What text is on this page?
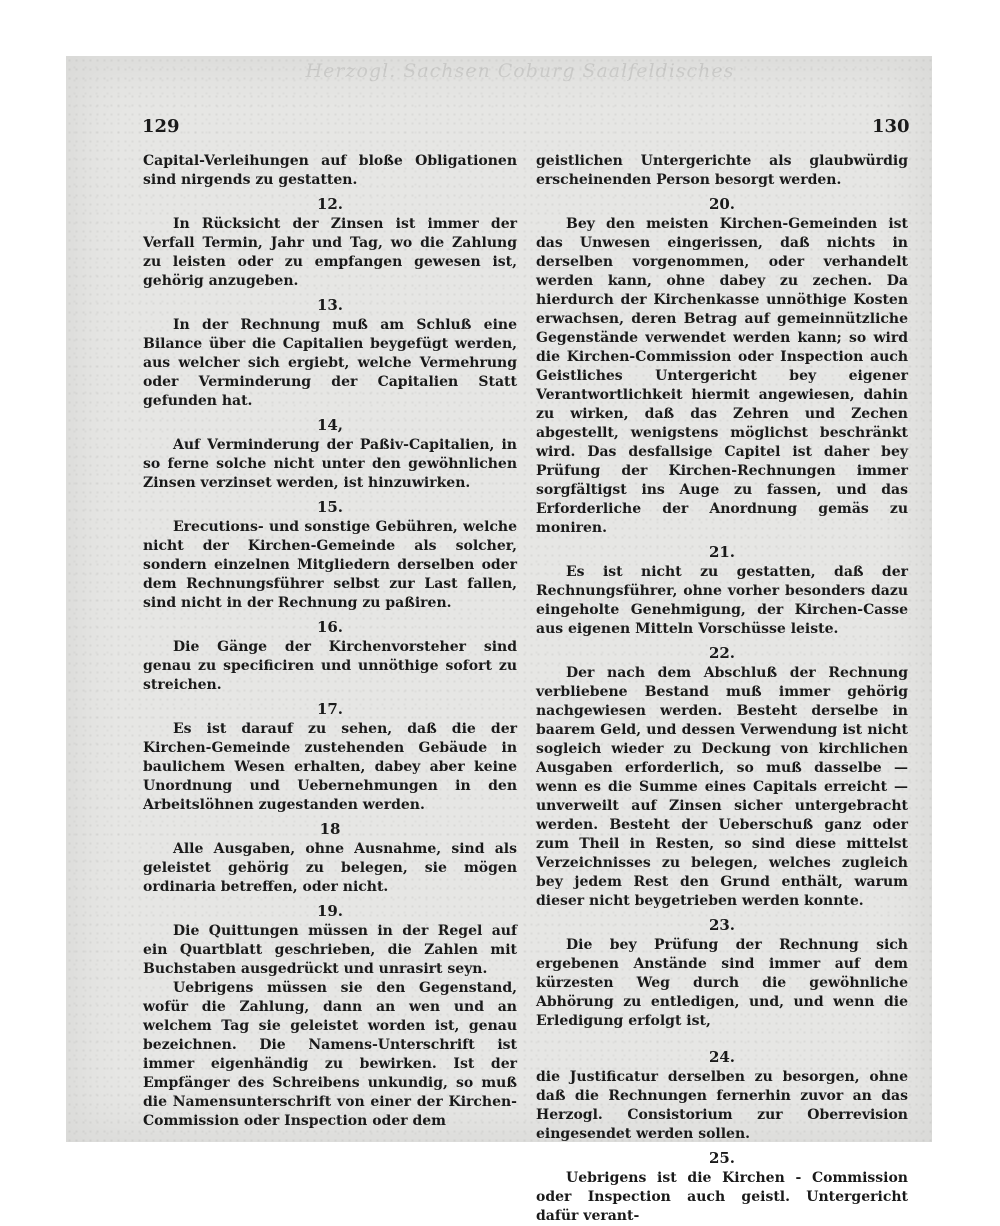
Herzogl. Sachsen Coburg Saalfeldisches
129	130

Capital-Verleihungen auf bloße Obligationen sind nirgends zu gestatten.

12.

In Rücksicht der Zinsen ist immer der Verfall Termin, Jahr und Tag, wo die Zahlung zu leisten oder zu empfangen gewesen ist, gehörig anzugeben.

13.

In der Rechnung muß am Schluß eine Bilance über die Capitalien beygefügt werden, aus welcher sich ergiebt, welche Vermehrung oder Verminderung der Capitalien Statt gefunden hat.

14,

Auf Verminderung der Paßiv-Capitalien, in so ferne solche nicht unter den gewöhnlichen Zinsen verzinset werden, ist hinzuwirken.

15.

Erecutions- und sonstige Gebühren, welche nicht der Kirchen-Gemeinde als solcher, sondern einzelnen Mitgliedern derselben oder dem Rechnungsführer selbst zur Last fallen, sind nicht in der Rechnung zu paßiren.

16.

Die Gänge der Kirchenvorsteher sind genau zu specificiren und unnöthige sofort zu streichen.

17.

Es ist darauf zu sehen, daß die der Kirchen-Gemeinde zustehenden Gebäude in baulichem Wesen erhalten, dabey aber keine Unordnung und Uebernehmungen in den Arbeitslöhnen zugestanden werden.

18

Alle Ausgaben, ohne Ausnahme, sind als geleistet gehörig zu belegen, sie mögen ordinaria betreffen, oder nicht.

19.

Die Quittungen müssen in der Regel auf ein Quartblatt geschrieben, die Zahlen mit Buchstaben ausgedrückt und unrasirt seyn.

Uebrigens müssen sie den Gegenstand, wofür die Zahlung, dann an wen und an welchem Tag sie geleistet worden ist, genau bezeichnen. Die Namens-Unterschrift ist immer eigenhändig zu bewirken. Ist der Empfänger des Schreibens unkundig, so muß die Namensunterschrift von einer der Kirchen-Commission oder Inspection oder dem

geistlichen Untergerichte als glaubwürdig erscheinenden Person besorgt werden.

20.

Bey den meisten Kirchen-Gemeinden ist das Unwesen eingerissen, daß nichts in derselben vorgenommen, oder verhandelt werden kann, ohne dabey zu zechen. Da hierdurch der Kirchenkasse unnöthige Kosten erwachsen, deren Betrag auf gemeinnützliche Gegenstände verwendet werden kann; so wird die Kirchen-Commission oder Inspection auch Geistliches Untergericht bey eigener Verantwortlichkeit hiermit angewiesen, dahin zu wirken, daß das Zehren und Zechen abgestellt, wenigstens möglichst beschränkt wird. Das desfallsige Capitel ist daher bey Prüfung der Kirchen-Rechnungen immer sorgfältigst ins Auge zu fassen, und das Erforderliche der Anordnung gemäs zu moniren.

21.

Es ist nicht zu gestatten, daß der Rechnungsführer, ohne vorher besonders dazu eingeholte Genehmigung, der Kirchen-Casse aus eigenen Mitteln Vorschüsse leiste.

22.

Der nach dem Abschluß der Rechnung verbliebene Bestand muß immer gehörig nachgewiesen werden. Besteht derselbe in baarem Geld, und dessen Verwendung ist nicht sogleich wieder zu Deckung von kirchlichen Ausgaben erforderlich, so muß dasselbe — wenn es die Summe eines Capitals erreicht — unverweilt auf Zinsen sicher untergebracht werden. Besteht der Ueberschuß ganz oder zum Theil in Resten, so sind diese mittelst Verzeichnisses zu belegen, welches zugleich bey jedem Rest den Grund enthält, warum dieser nicht beygetrieben werden konnte.

23.

Die bey Prüfung der Rechnung sich ergebenen Anstände sind immer auf dem kürzesten Weg durch die gewöhnliche Abhörung zu entledigen, und, und wenn die Erledigung erfolgt ist,

24.

die Justificatur derselben zu besorgen, ohne daß die Rechnungen fernerhin zuvor an das Herzogl. Consistorium zur Oberrevision eingesendet werden sollen.

25.

Uebrigens ist die Kirchen - Commission oder Inspection auch geistl. Untergericht dafür verant-
